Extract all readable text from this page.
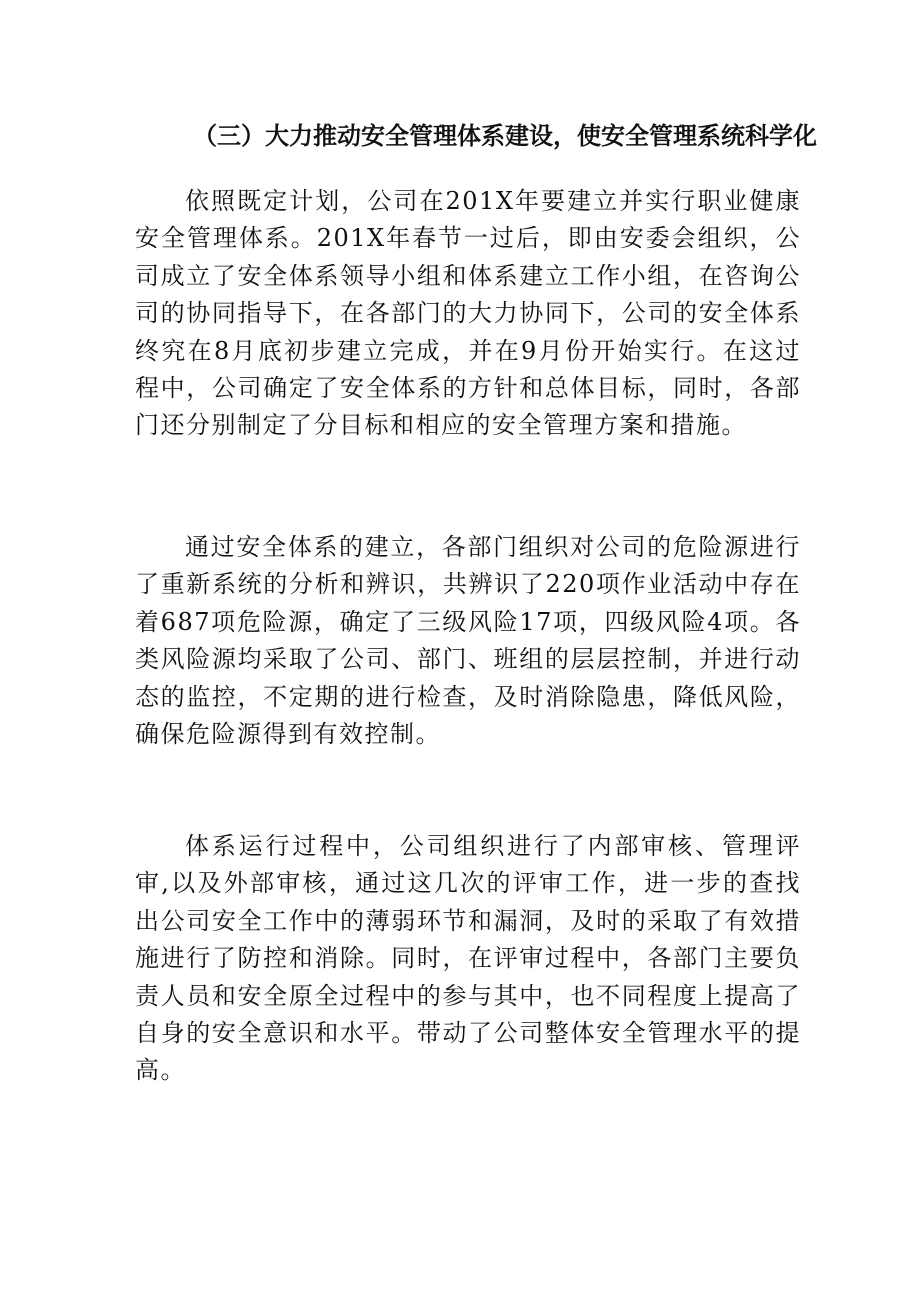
（三）大力推动安全管理体系建设，使安全管理系统科学化

依照既定计划，公司在201X年要建立并实行职业健康安全管理体系。201X年春节一过后，即由安委会组织，公司成立了安全体系领导小组和体系建立工作小组，在咨询公司的协同指导下，在各部门的大力协同下，公司的安全体系终究在8月底初步建立完成，并在9月份开始实行。在这过程中，公司确定了安全体系的方针和总体目标，同时，各部门还分别制定了分目标和相应的安全管理方案和措施。

通过安全体系的建立，各部门组织对公司的危险源进行了重新系统的分析和辨识，共辨识了220项作业活动中存在着687项危险源，确定了三级风险17项，四级风险4项。各类风险源均采取了公司、部门、班组的层层控制，并进行动态的监控，不定期的进行检查，及时消除隐患，降低风险，确保危险源得到有效控制。

体系运行过程中，公司组织进行了内部审核、管理评审,以及外部审核，通过这几次的评审工作，进一步的查找出公司安全工作中的薄弱环节和漏洞，及时的采取了有效措施进行了防控和消除。同时，在评审过程中，各部门主要负责人员和安全原全过程中的参与其中，也不同程度上提高了自身的安全意识和水平。带动了公司整体安全管理水平的提高。
